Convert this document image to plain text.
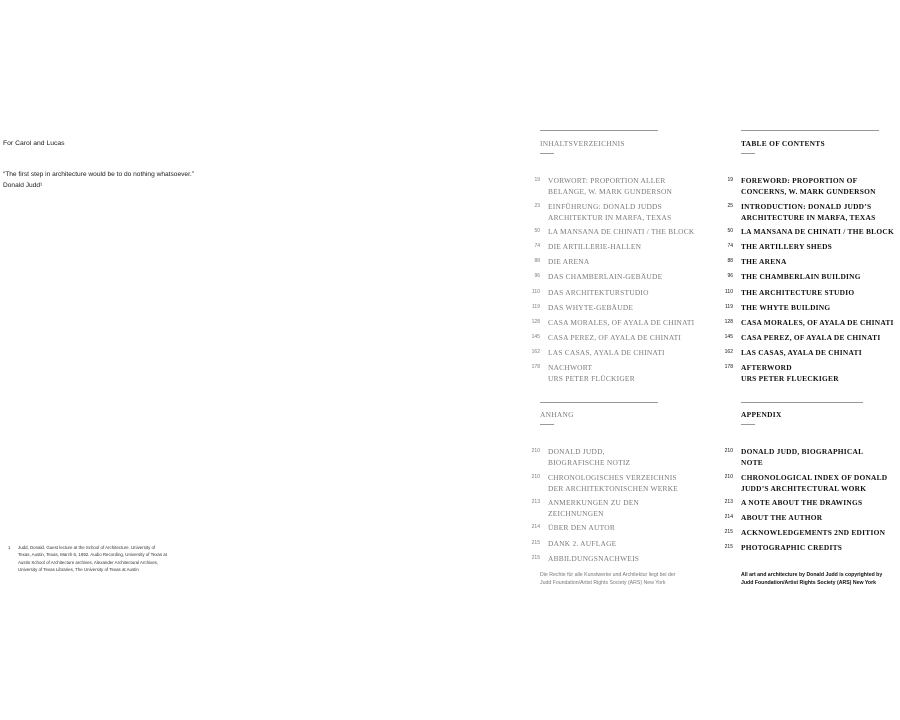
For Carol and Lucas
“The first step in architecture would be to do nothing whatsoever.”
Donald Judd¹
1 Judd, Donald. Guest lecture at the School of Architecture. University of
Texas, Austin, Texas, March 6, 1992. Audio Recording, University of Texas at
Austin School of Architecture archives, Alexander Architectural Archives,
University of Texas Libraries, The University of Texas at Austin
INHALTSVERZEICHNIS
19 VORWORT: PROPORTION ALLER
BELANGE, W. MARK GUNDERSON
23 EINFÜHRUNG: DONALD JUDDS
ARCHITEKTUR IN MARFA, TEXAS
50 LA MANSANA DE CHINATI / THE BLOCK
74 DIE ARTILLERIE-HALLEN
88 DIE ARENA
96 DAS CHAMBERLAIN-GEBÄUDE
110 DAS ARCHITEKTURSTUDIO
119 DAS WHYTE-GEBÄUDE
128 CASA MORALES, OF AYALA DE CHINATI
145 CASA PEREZ, OF AYALA DE CHINATI
162 LAS CASAS, AYALA DE CHINATI
178 NACHWORT
URS PETER FLÜCKIGER
ANHANG
210 DONALD JUDD,
BIOGRAFISCHE NOTIZ
210 CHRONOLOGISCHES VERZEICHNIS
DER ARCHITEKTONISCHEN WERKE
213 ANMERKUNGEN ZU DEN
ZEICHNUNGEN
214 ÜBER DEN AUTOR
215 DANK 2. AUFLAGE
215 ABBILDUNGSNACHWEIS
Die Rechte für alle Kunstwerke und Architektur liegt bei der
Judd Foundation/Artist Rights Society (ARS) New York
TABLE OF CONTENTS
19 FOREWORD: PROPORTION OF
CONCERNS, W. MARK GUNDERSON
25 INTRODUCTION: DONALD JUDD’S
ARCHITECTURE IN MARFA, TEXAS
50 LA MANSANA DE CHINATI / THE BLOCK
74 THE ARTILLERY SHEDS
88 THE ARENA
96 THE CHAMBERLAIN BUILDING
110 THE ARCHITECTURE STUDIO
119 THE WHYTE BUILDING
128 CASA MORALES, OF AYALA DE CHINATI
145 CASA PEREZ, OF AYALA DE CHINATI
162 LAS CASAS, AYALA DE CHINATI
178 AFTERWORD
URS PETER FLUECKIGER
APPENDIX
210 DONALD JUDD, BIOGRAPHICAL
NOTE
210 CHRONOLOGICAL INDEX OF DONALD
JUDD’S ARCHITECTURAL WORK
213 A NOTE ABOUT THE DRAWINGS
214 ABOUT THE AUTHOR
215 ACKNOWLEDGEMENTS 2ND EDITION
215 PHOTOGRAPHIC CREDITS
All art and architecture by Donald Judd is copyrighted by
Judd Foundation/Artist Rights Society (ARS) New York
